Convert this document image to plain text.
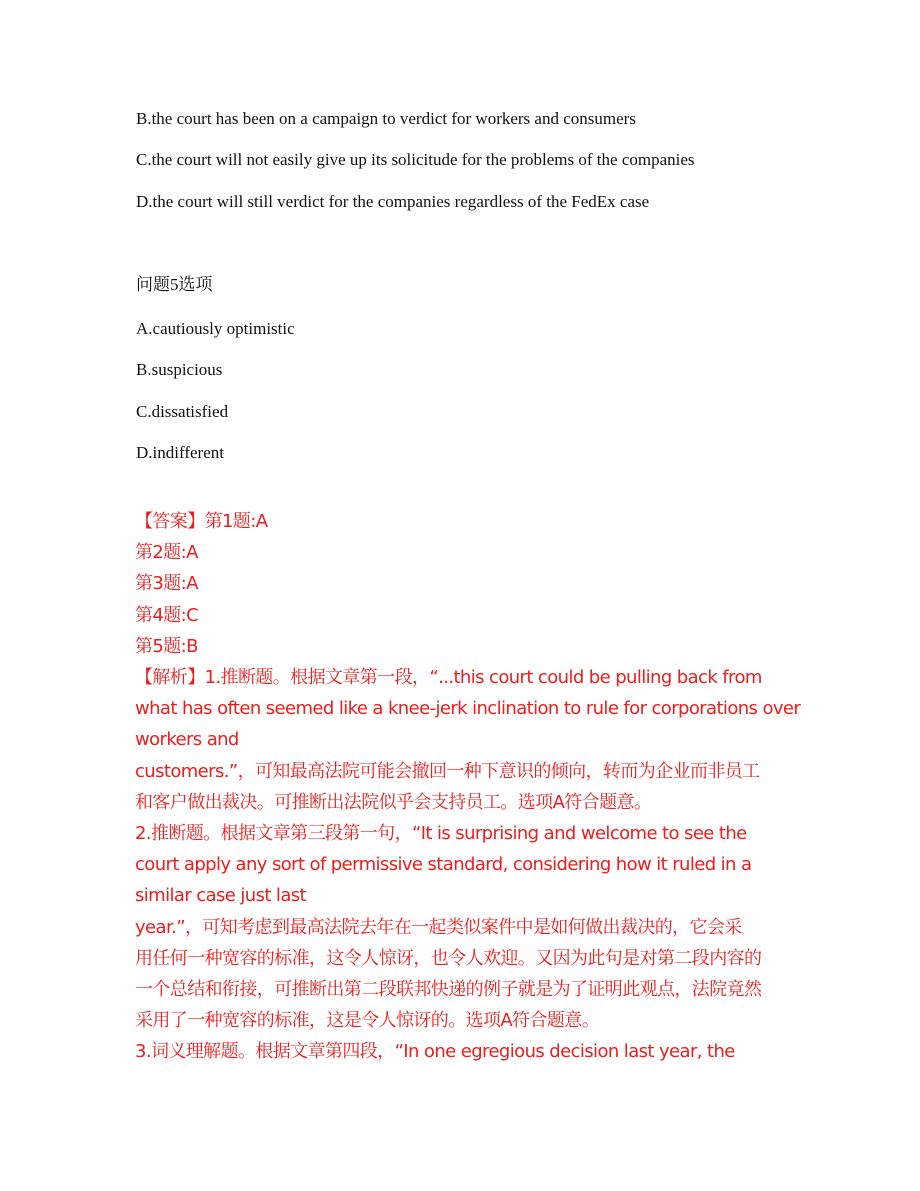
B.the court has been on a campaign to verdict for workers and consumers
C.the court will not easily give up its solicitude for the problems of the companies
D.the court will still verdict for the companies regardless of the FedEx case
问题5选项
A.cautiously optimistic
B.suspicious
C.dissatisfied
D.indifferent
【答案】第1题:A
第2题:A
第3题:A
第4题:C
第5题:B
【解析】1.推断题。根据文章第一段，“...this court could be pulling back from
what has often seemed like a knee-jerk inclination to rule for corporations over
workers and
customers.”，可知最高法院可能会撤回一种下意识的倾向，转而为企业而非员工
和客户做出裁决。可推断出法院似乎会支持员工。选项A符合题意。
2.推断题。根据文章第三段第一句，“It is surprising and welcome to see the
court apply any sort of permissive standard, considering how it ruled in a
similar case just last
year.”，可知考虑到最高法院去年在一起类似案件中是如何做出裁决的，它会采
用任何一种宽容的标准，这令人惊讶，也令人欢迎。又因为此句是对第二段内容的
一个总结和衔接，可推断出第二段联邦快递的例子就是为了证明此观点，法院竟然
采用了一种宽容的标准，这是令人惊讶的。选项A符合题意。
3.词义理解题。根据文章第四段，“In one egregious decision last year, the
